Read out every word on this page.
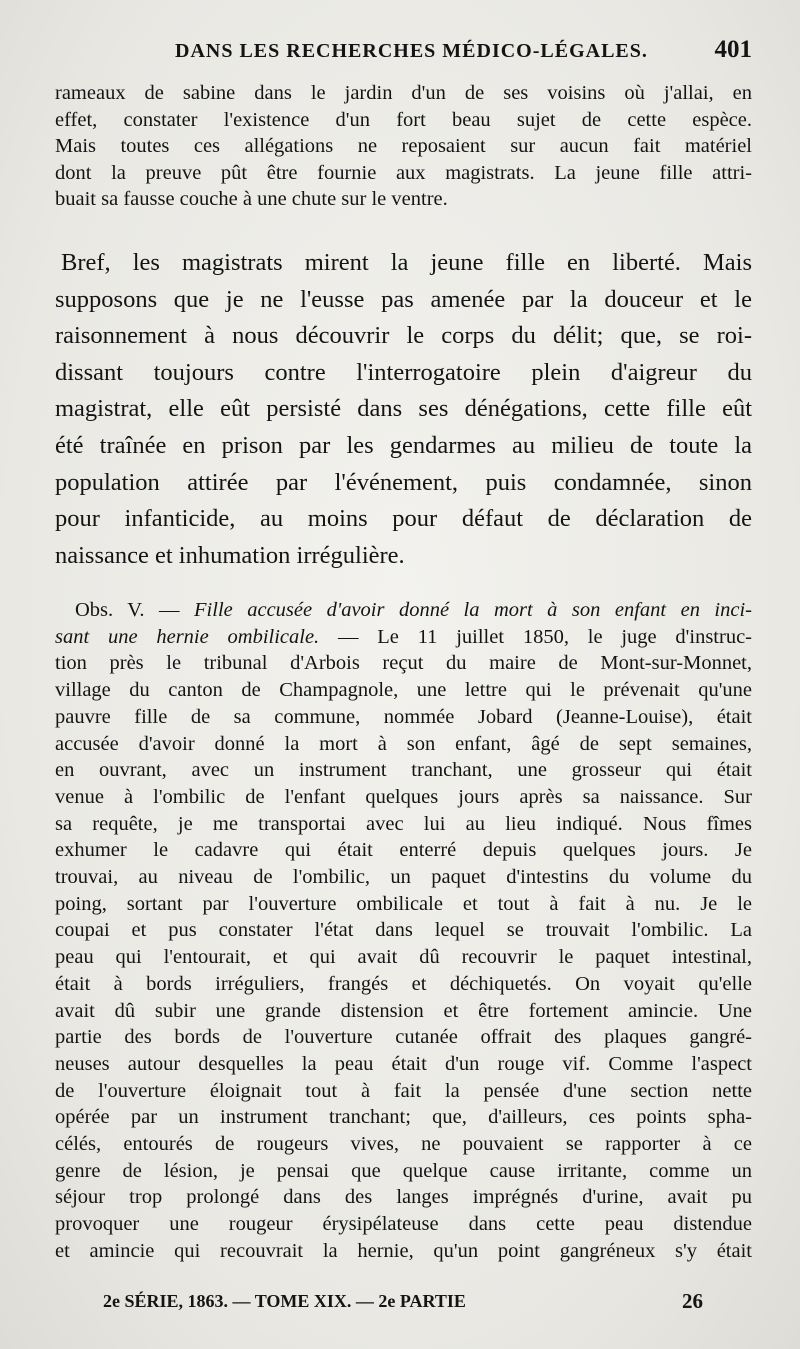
DANS LES RECHERCHES MÉDICO-LÉGALES.	401
rameaux de sabine dans le jardin d'un de ses voisins où j'allai, en
effet, constater l'existence d'un fort beau sujet de cette espèce.
Mais toutes ces allégations ne reposaient sur aucun fait matériel
dont la preuve pût être fournie aux magistrats. La jeune fille attri-
buait sa fausse couche à une chute sur le ventre.
Bref, les magistrats mirent la jeune fille en liberté. Mais
supposons que je ne l'eusse pas amenée par la douceur et le
raisonnement à nous découvrir le corps du délit; que, se roi-
dissant toujours contre l'interrogatoire plein d'aigreur du
magistrat, elle eût persisté dans ses dénégations, cette fille eût
été traînée en prison par les gendarmes au milieu de toute la
population attirée par l'événement, puis condamnée, sinon
pour infanticide, au moins pour défaut de déclaration de
naissance et inhumation irrégulière.
Obs. V. — Fille accusée d'avoir donné la mort à son enfant en inci-
sant une hernie ombilicale. — Le 11 juillet 1850, le juge d'instruc-
tion près le tribunal d'Arbois reçut du maire de Mont-sur-Monnet,
village du canton de Champagnole, une lettre qui le prévenait qu'une
pauvre fille de sa commune, nommée Jobard (Jeanne-Louise), était
accusée d'avoir donné la mort à son enfant, âgé de sept semaines,
en ouvrant, avec un instrument tranchant, une grosseur qui était
venue à l'ombilic de l'enfant quelques jours après sa naissance. Sur
sa requête, je me transportai avec lui au lieu indiqué. Nous fîmes
exhumer le cadavre qui était enterré depuis quelques jours. Je
trouvai, au niveau de l'ombilic, un paquet d'intestins du volume du
poing, sortant par l'ouverture ombilicale et tout à fait à nu. Je le
coupai et pus constater l'état dans lequel se trouvait l'ombilic. La
peau qui l'entourait, et qui avait dû recouvrir le paquet intestinal,
était à bords irréguliers, frangés et déchiquetés. On voyait qu'elle
avait dû subir une grande distension et être fortement amincie. Une
partie des bords de l'ouverture cutanée offrait des plaques gangré-
neuses autour desquelles la peau était d'un rouge vif. Comme l'aspect
de l'ouverture éloignait tout à fait la pensée d'une section nette
opérée par un instrument tranchant; que, d'ailleurs, ces points spha-
célés, entourés de rougeurs vives, ne pouvaient se rapporter à ce
genre de lésion, je pensai que quelque cause irritante, comme un
séjour trop prolongé dans des langes imprégnés d'urine, avait pu
provoquer une rougeur érysipélateuse dans cette peau distendue
et amincie qui recouvrait la hernie, qu'un point gangréneux s'y était
2e SÉRIE, 1863. — TOME XIX. — 2e PARTIE	26
